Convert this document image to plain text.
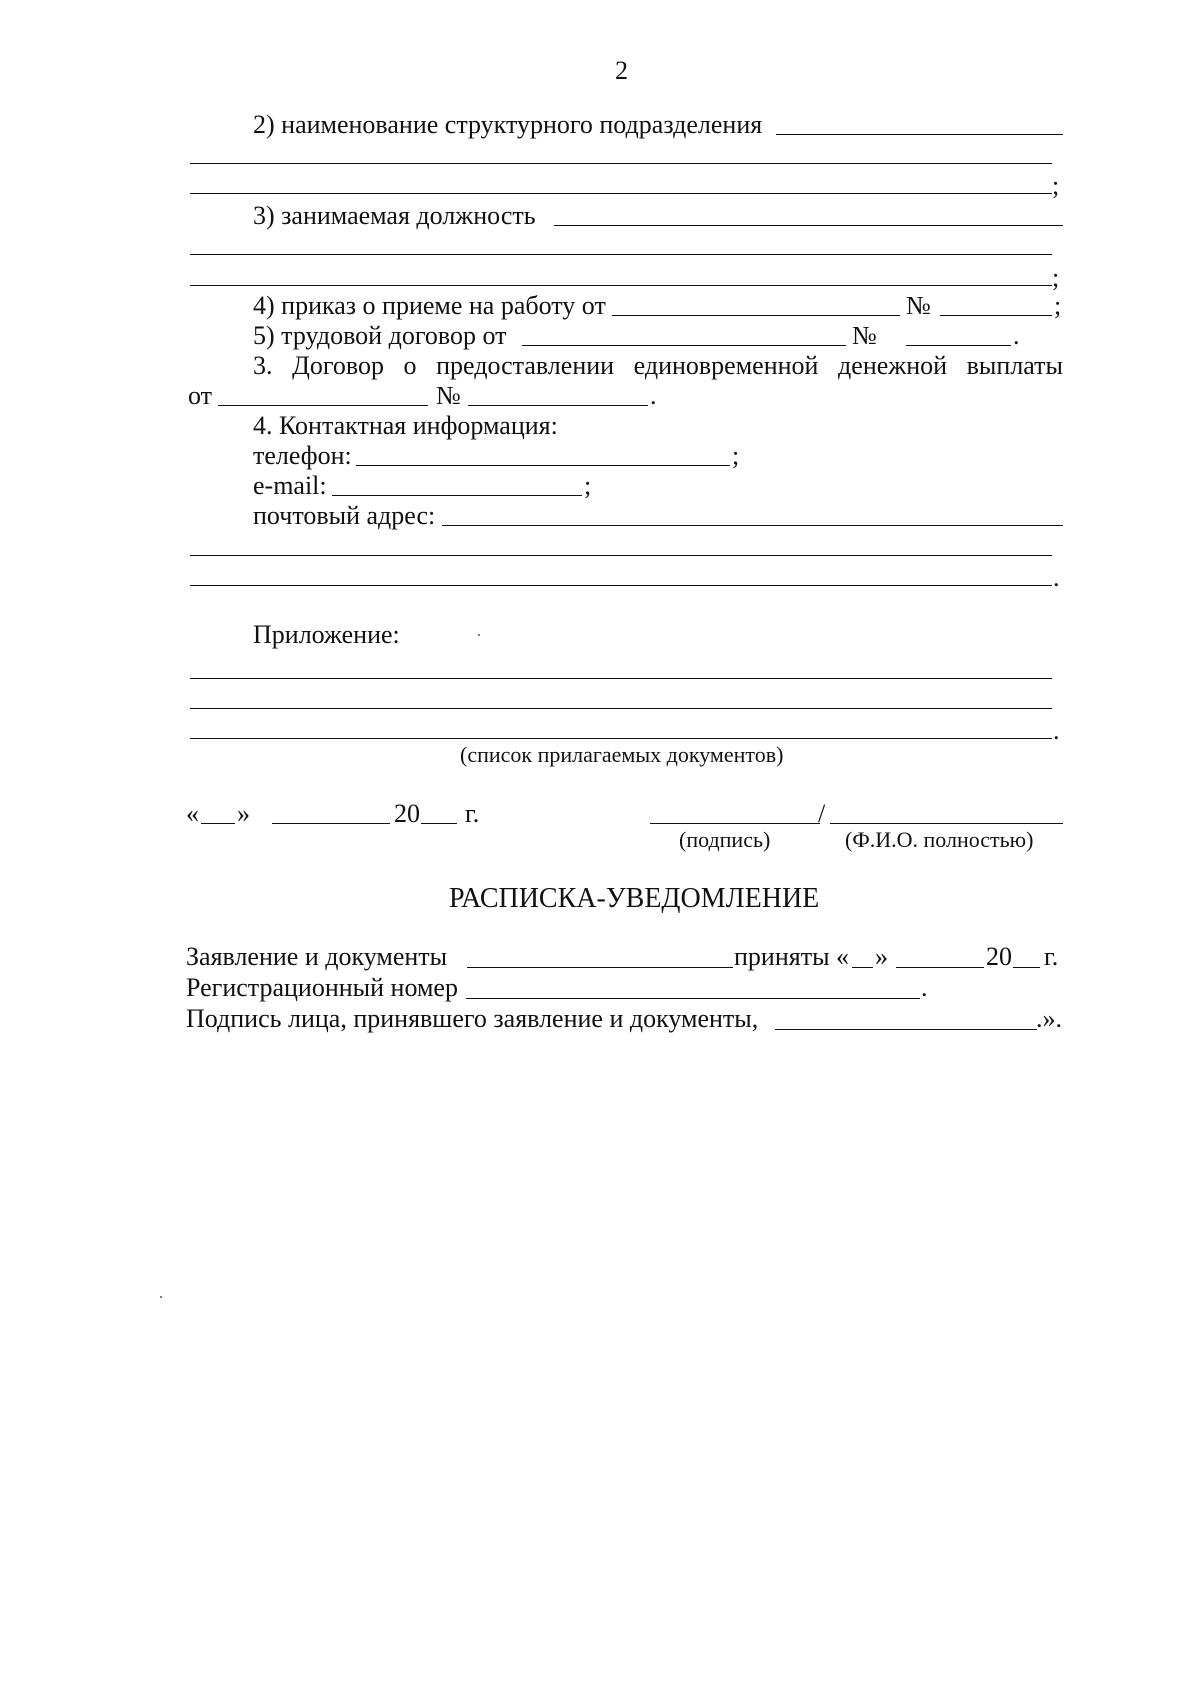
2
2) наименование структурного подразделения
;
3) занимаемая должность
;
4) приказ о приеме на работу от	№	;
5) трудовой договор от	№	.
3. Договор о предоставлении единовременной денежной выплаты
от	№	.
4. Контактная информация:
телефон:	;
e-mail:	;
почтовый адрес:
.
Приложение:
.
(список прилагаемых документов)
« »	20 г.	/
(подпись)	(Ф.И.О. полностью)
РАСПИСКА-УВЕДОМЛЕНИЕ
Заявление и документы	приняты « »	20 г.
Регистрационный номер	.
Подпись лица, принявшего заявление и документы,	.».
